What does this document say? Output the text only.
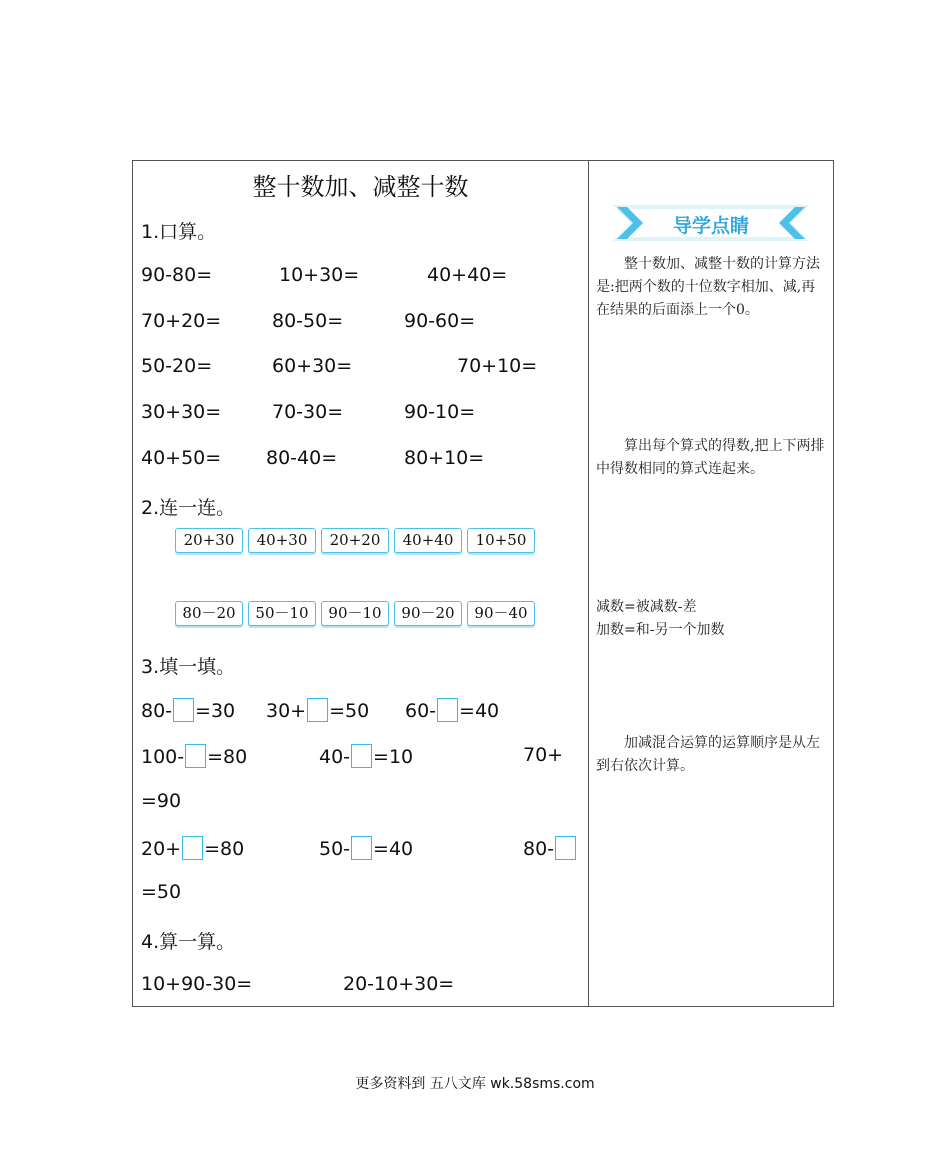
整十数加、减整十数
1.口算。
90-80=	10+30=	40+40=
70+20=	80-50=	90-60=
50-20=	60+30=	70+10=
30+30=	70-30=	90-10=
40+50= 80-40=	80+10=
2.连一连。
20+30	40+30	20+20	40+40	10+50
80－20	50－10	90－10	90－20	90－40
3.填一填。
80- =30 30+ =50 60- =40
100- =80	40- =10	70+
=90
20+ =80	50- =40	80-
=50
4.算一算。
10+90-30=	20-10+30=
导学点睛
整十数加、减整十数的计算方法是:把两个数的十位数字相加、减,再在结果的后面添上一个0。
算出每个算式的得数,把上下两排中得数相同的算式连起来。
减数=被减数-差
加数=和-另一个加数
加减混合运算的运算顺序是从左到右依次计算。
更多资料到 五八文库 wk.58sms.com
